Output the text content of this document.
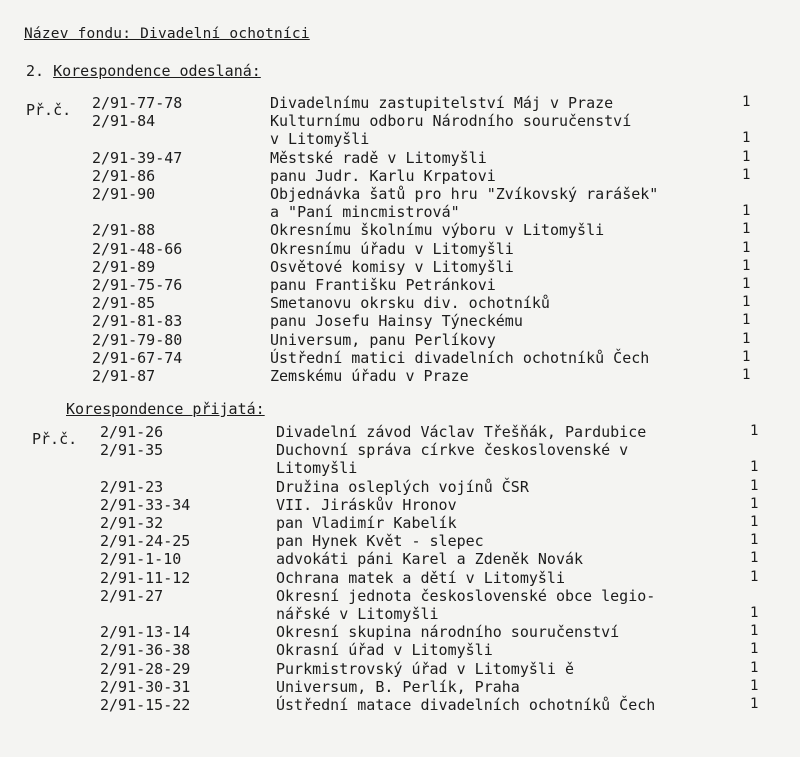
Název fondu: Divadelní ochotníci
2. Korespondence odeslaná:
Př.č. 2/91-77-78	Divadelnímu zastupitelství Máj v Praze	1
2/91-84	Kulturnímu odboru Národního souručenství
v Litomyšli	1
2/91-39-47	Městské radě v Litomyšli	1
2/91-86	panu Judr. Karlu Krpatovi	1
2/91-90	Objednávka šatů pro hru "Zvíkovský rarášek"
a "Paní mincmistrová"	1
2/91-88	Okresnímu školnímu výboru v Litomyšli	1
2/91-48-66	Okresnímu úřadu v Litomyšli	1
2/91-89	Osvětové komisy v Litomyšli	1
2/91-75-76	panu Františku Petránkovi	1
2/91-85	Smetanovu okrsku div. ochotníků	1
2/91-81-83	panu Josefu Hainsy Týneckému	1
2/91-79-80	Universum, panu Perlíkovy	1
2/91-67-74	Ústřední matici divadelních ochotníků Čech	1
2/91-87	Zemskému úřadu v Praze	1
Korespondence přijatá:
Př.č. 2/91-26	Divadelní závod Václav Třešňák, Pardubice	1
2/91-35	Duchovní správa církve československé v
Litomyšli	1
2/91-23	Družina osleplých vojínů ČSR	1
2/91-33-34	VII. Jiráskův Hronov	1
2/91-32	pan Vladimír Kabelík	1
2/91-24-25	pan Hynek Květ - slepec	1
2/91-1-10	advokáti páni Karel a Zdeněk Novák	1
2/91-11-12	Ochrana matek a dětí v Litomyšli	1
2/91-27	Okresní jednota československé obce legio-
nářské v Litomyšli	1
2/91-13-14	Okresní skupina národního souručenství	1
2/91-36-38	Okrasní úřad v Litomyšli	1
2/91-28-29	Purkmistrovský úřad v Litomyšli ě	1
2/91-30-31	Universum, B. Perlík, Praha	1
2/91-15-22	Ústřední matace divadelních ochotníků Čech	1
